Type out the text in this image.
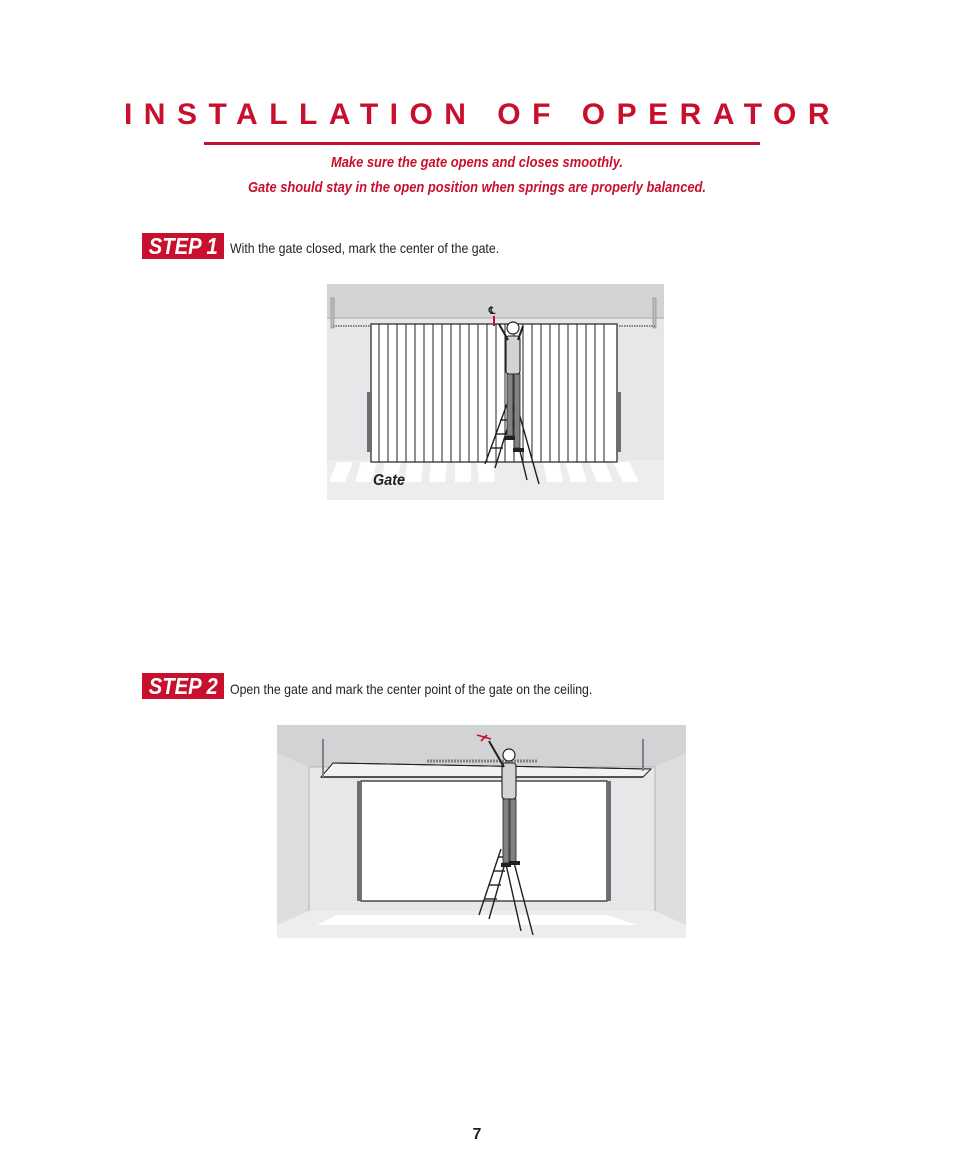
INSTALLATION OF OPERATOR
Make sure the gate opens and closes smoothly.
Gate should stay in the open position when springs are properly balanced.
STEP 1 With the gate closed, mark the center of the gate.
℄
Gate
STEP 2 Open the gate and mark the center point of the gate on the ceiling.
7
